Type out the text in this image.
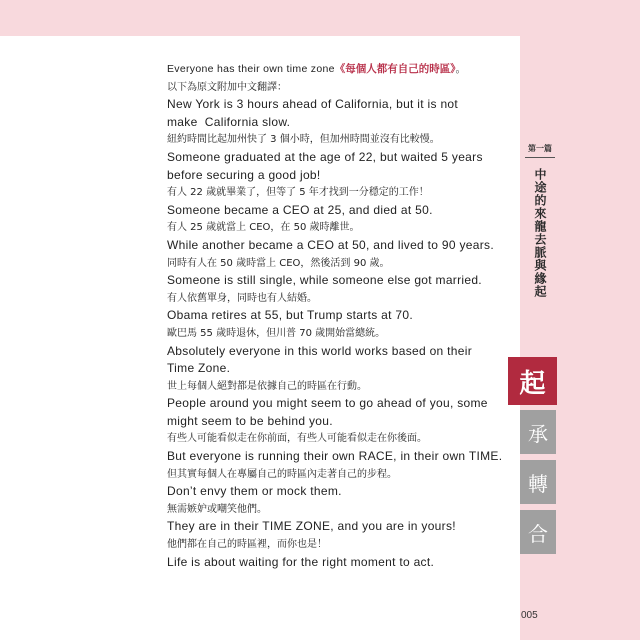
Everyone has their own time zone《每個人都有自己的時區》。
以下為原文附加中文翻譯：
New York is 3 hours ahead of California, but it is not
make  California slow.
紐約時間比起加州快了 3 個小時，但加州時間並沒有比較慢。
Someone graduated at the age of 22, but waited 5 years
before securing a good job!
有人 22 歲就畢業了，但等了 5 年才找到一分穩定的工作！
Someone became a CEO at 25, and died at 50.
有人 25 歲就當上 CEO，在 50 歲時離世。
While another became a CEO at 50, and lived to 90 years.
同時有人在 50 歲時當上 CEO，然後活到 90 歲。
Someone is still single, while someone else got married.
有人依舊單身，同時也有人結婚。
Obama retires at 55, but Trump starts at 70.
歐巴馬 55 歲時退休，但川普 70 歲開始當總統。
Absolutely everyone in this world works based on their
Time Zone.
世上每個人絕對都是依據自己的時區在行動。
People around you might seem to go ahead of you, some
might seem to be behind you.
有些人可能看似走在你前面，有些人可能看似走在你後面。
But everyone is running their own RACE, in their own TIME.
但其實每個人在專屬自己的時區內走著自己的步程。
Don’t envy them or mock them.
無需嫉妒或嘲笑他們。
They are in their TIME ZONE, and you are in yours!
他們都在自己的時區裡，而你也是！
Life is about waiting for the right moment to act.
第一篇
中途的來龍去脈與緣起
起
承
轉
合
005
